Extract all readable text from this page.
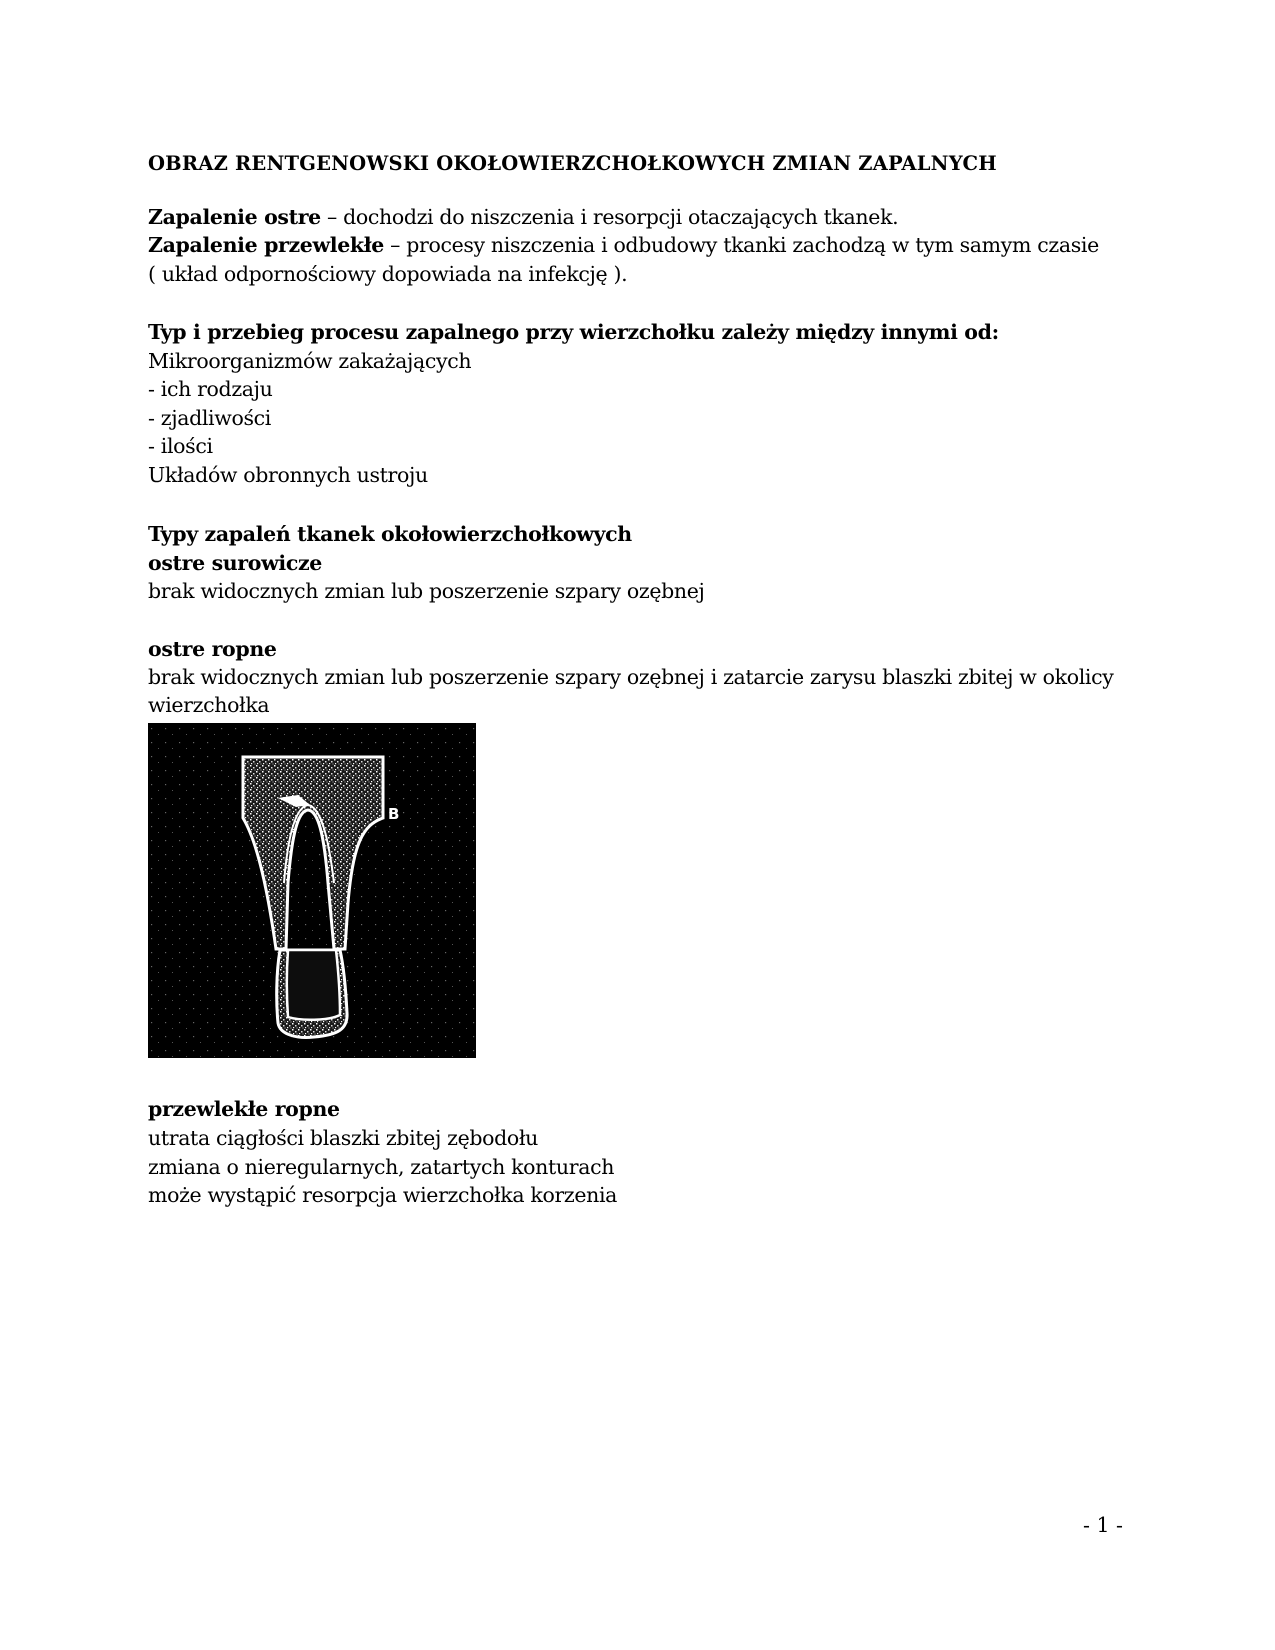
OBRAZ RENTGENOWSKI OKOŁOWIERZCHOŁKOWYCH ZMIAN ZAPALNYCH
Zapalenie ostre – dochodzi do niszczenia i resorpcji otaczających tkanek.
Zapalenie przewlekłe – procesy niszczenia i odbudowy tkanki zachodzą w tym samym czasie
( układ odpornościowy dopowiada na infekcję ).
Typ i przebieg procesu zapalnego przy wierzchołku zależy między innymi od:
Mikroorganizmów zakażających
- ich rodzaju
- zjadliwości
- ilości
Układów obronnych ustroju
Typy zapaleń tkanek okołowierzchołkowych
ostre surowicze
brak widocznych zmian lub poszerzenie szpary ozębnej
ostre ropne
brak widocznych zmian lub poszerzenie szpary ozębnej i zatarcie zarysu blaszki zbitej w okolicy
wierzchołka
B
przewlekłe ropne
utrata ciągłości blaszki zbitej zębodołu
zmiana o nieregularnych, zatartych konturach
może wystąpić resorpcja wierzchołka korzenia
- 1 -
